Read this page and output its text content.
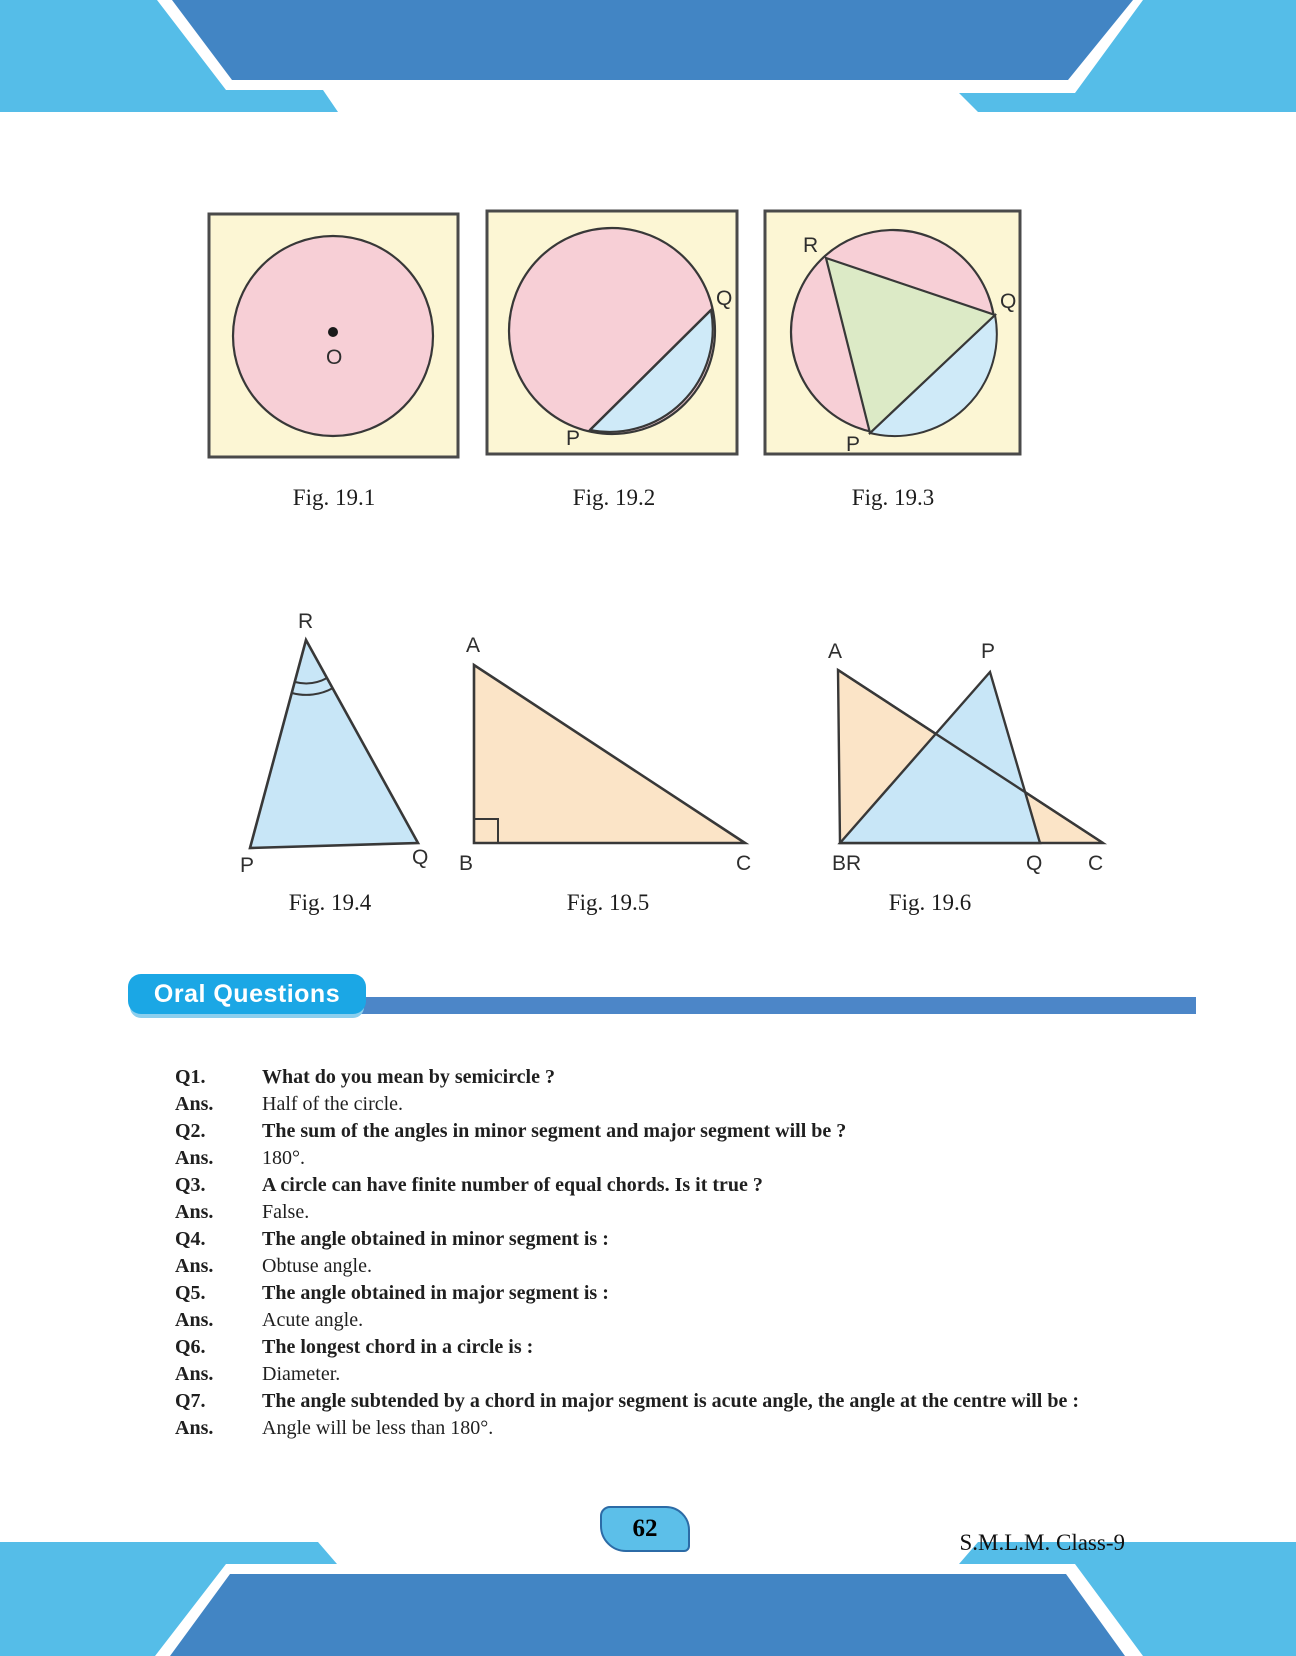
O
P
Q
R
Q
P
R
P	Q
A
B	C
A	P
BR	Q C
Fig. 19.1	Fig. 19.2	Fig. 19.3
Fig. 19.4	Fig. 19.5	Fig. 19.6
Oral Questions
Q1.	What do you mean by semicircle ?
Ans.	Half of the circle.
Q2.	The sum of the angles in minor segment and major segment will be ?
Ans.	180°.
Q3.	A circle can have finite number of equal chords. Is it true ?
Ans.	False.
Q4.	The angle obtained in minor segment is :
Ans.	Obtuse angle.
Q5.	The angle obtained in major segment is :
Ans.	Acute angle.
Q6.	The longest chord in a circle is :
Ans.	Diameter.
Q7.	The angle subtended by a chord in major segment is acute angle, the angle at the centre will be :
Ans.	Angle will be less than 180°.
62
S.M.L.M. Class-9
